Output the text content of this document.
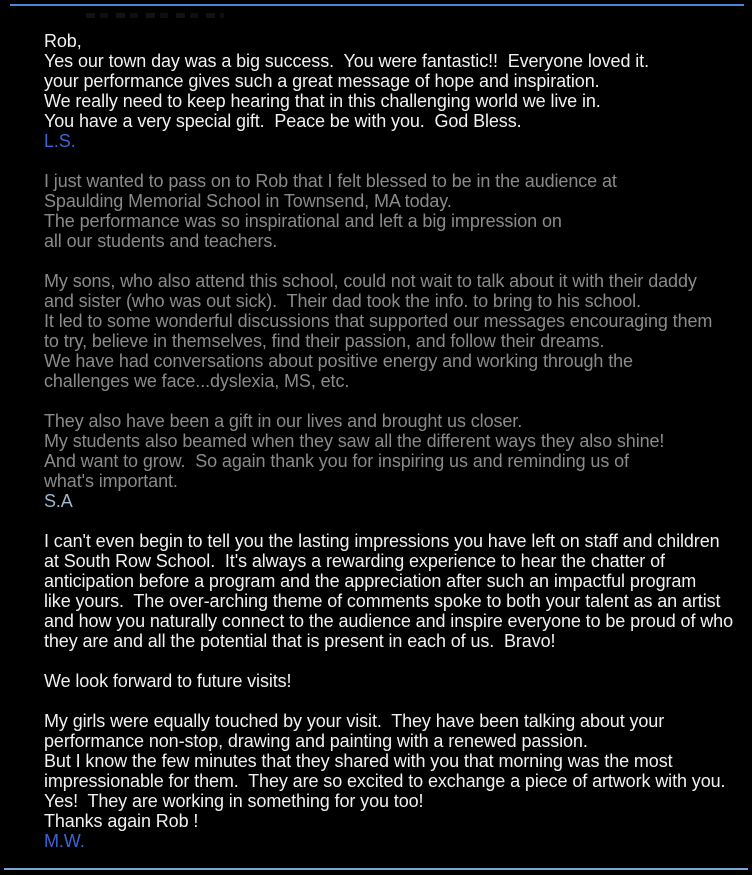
Rob,
Yes our town day was a big success.  You were fantastic!!  Everyone loved it.
your performance gives such a great message of hope and inspiration.
We really need to keep hearing that in this challenging world we live in.
You have a very special gift.  Peace be with you.  God Bless.
L.S.
I just wanted to pass on to Rob that I felt blessed to be in the audience at
Spaulding Memorial School in Townsend, MA today.
The performance was so inspirational and left a big impression on
all our students and teachers.
My sons, who also attend this school, could not wait to talk about it with their daddy
and sister (who was out sick).  Their dad took the info. to bring to his school.
It led to some wonderful discussions that supported our messages encouraging them
to try, believe in themselves, find their passion, and follow their dreams.
We have had conversations about positive energy and working through the
challenges we face...dyslexia, MS, etc.
They also have been a gift in our lives and brought us closer.
My students also beamed when they saw all the different ways they also shine!
And want to grow.  So again thank you for inspiring us and reminding us of
what's important.
S.A
I can't even begin to tell you the lasting impressions you have left on staff and children
at South Row School.  It's always a rewarding experience to hear the chatter of
anticipation before a program and the appreciation after such an impactful program
like yours.  The over-arching theme of comments spoke to both your talent as an artist
and how you naturally connect to the audience and inspire everyone to be proud of who
they are and all the potential that is present in each of us.  Bravo!
We look forward to future visits!
My girls were equally touched by your visit.  They have been talking about your
performance non-stop, drawing and painting with a renewed passion.
But I know the few minutes that they shared with you that morning was the most
impressionable for them.  They are so excited to exchange a piece of artwork with you.
Yes!  They are working in something for you too!
Thanks again Rob !
M.W.
